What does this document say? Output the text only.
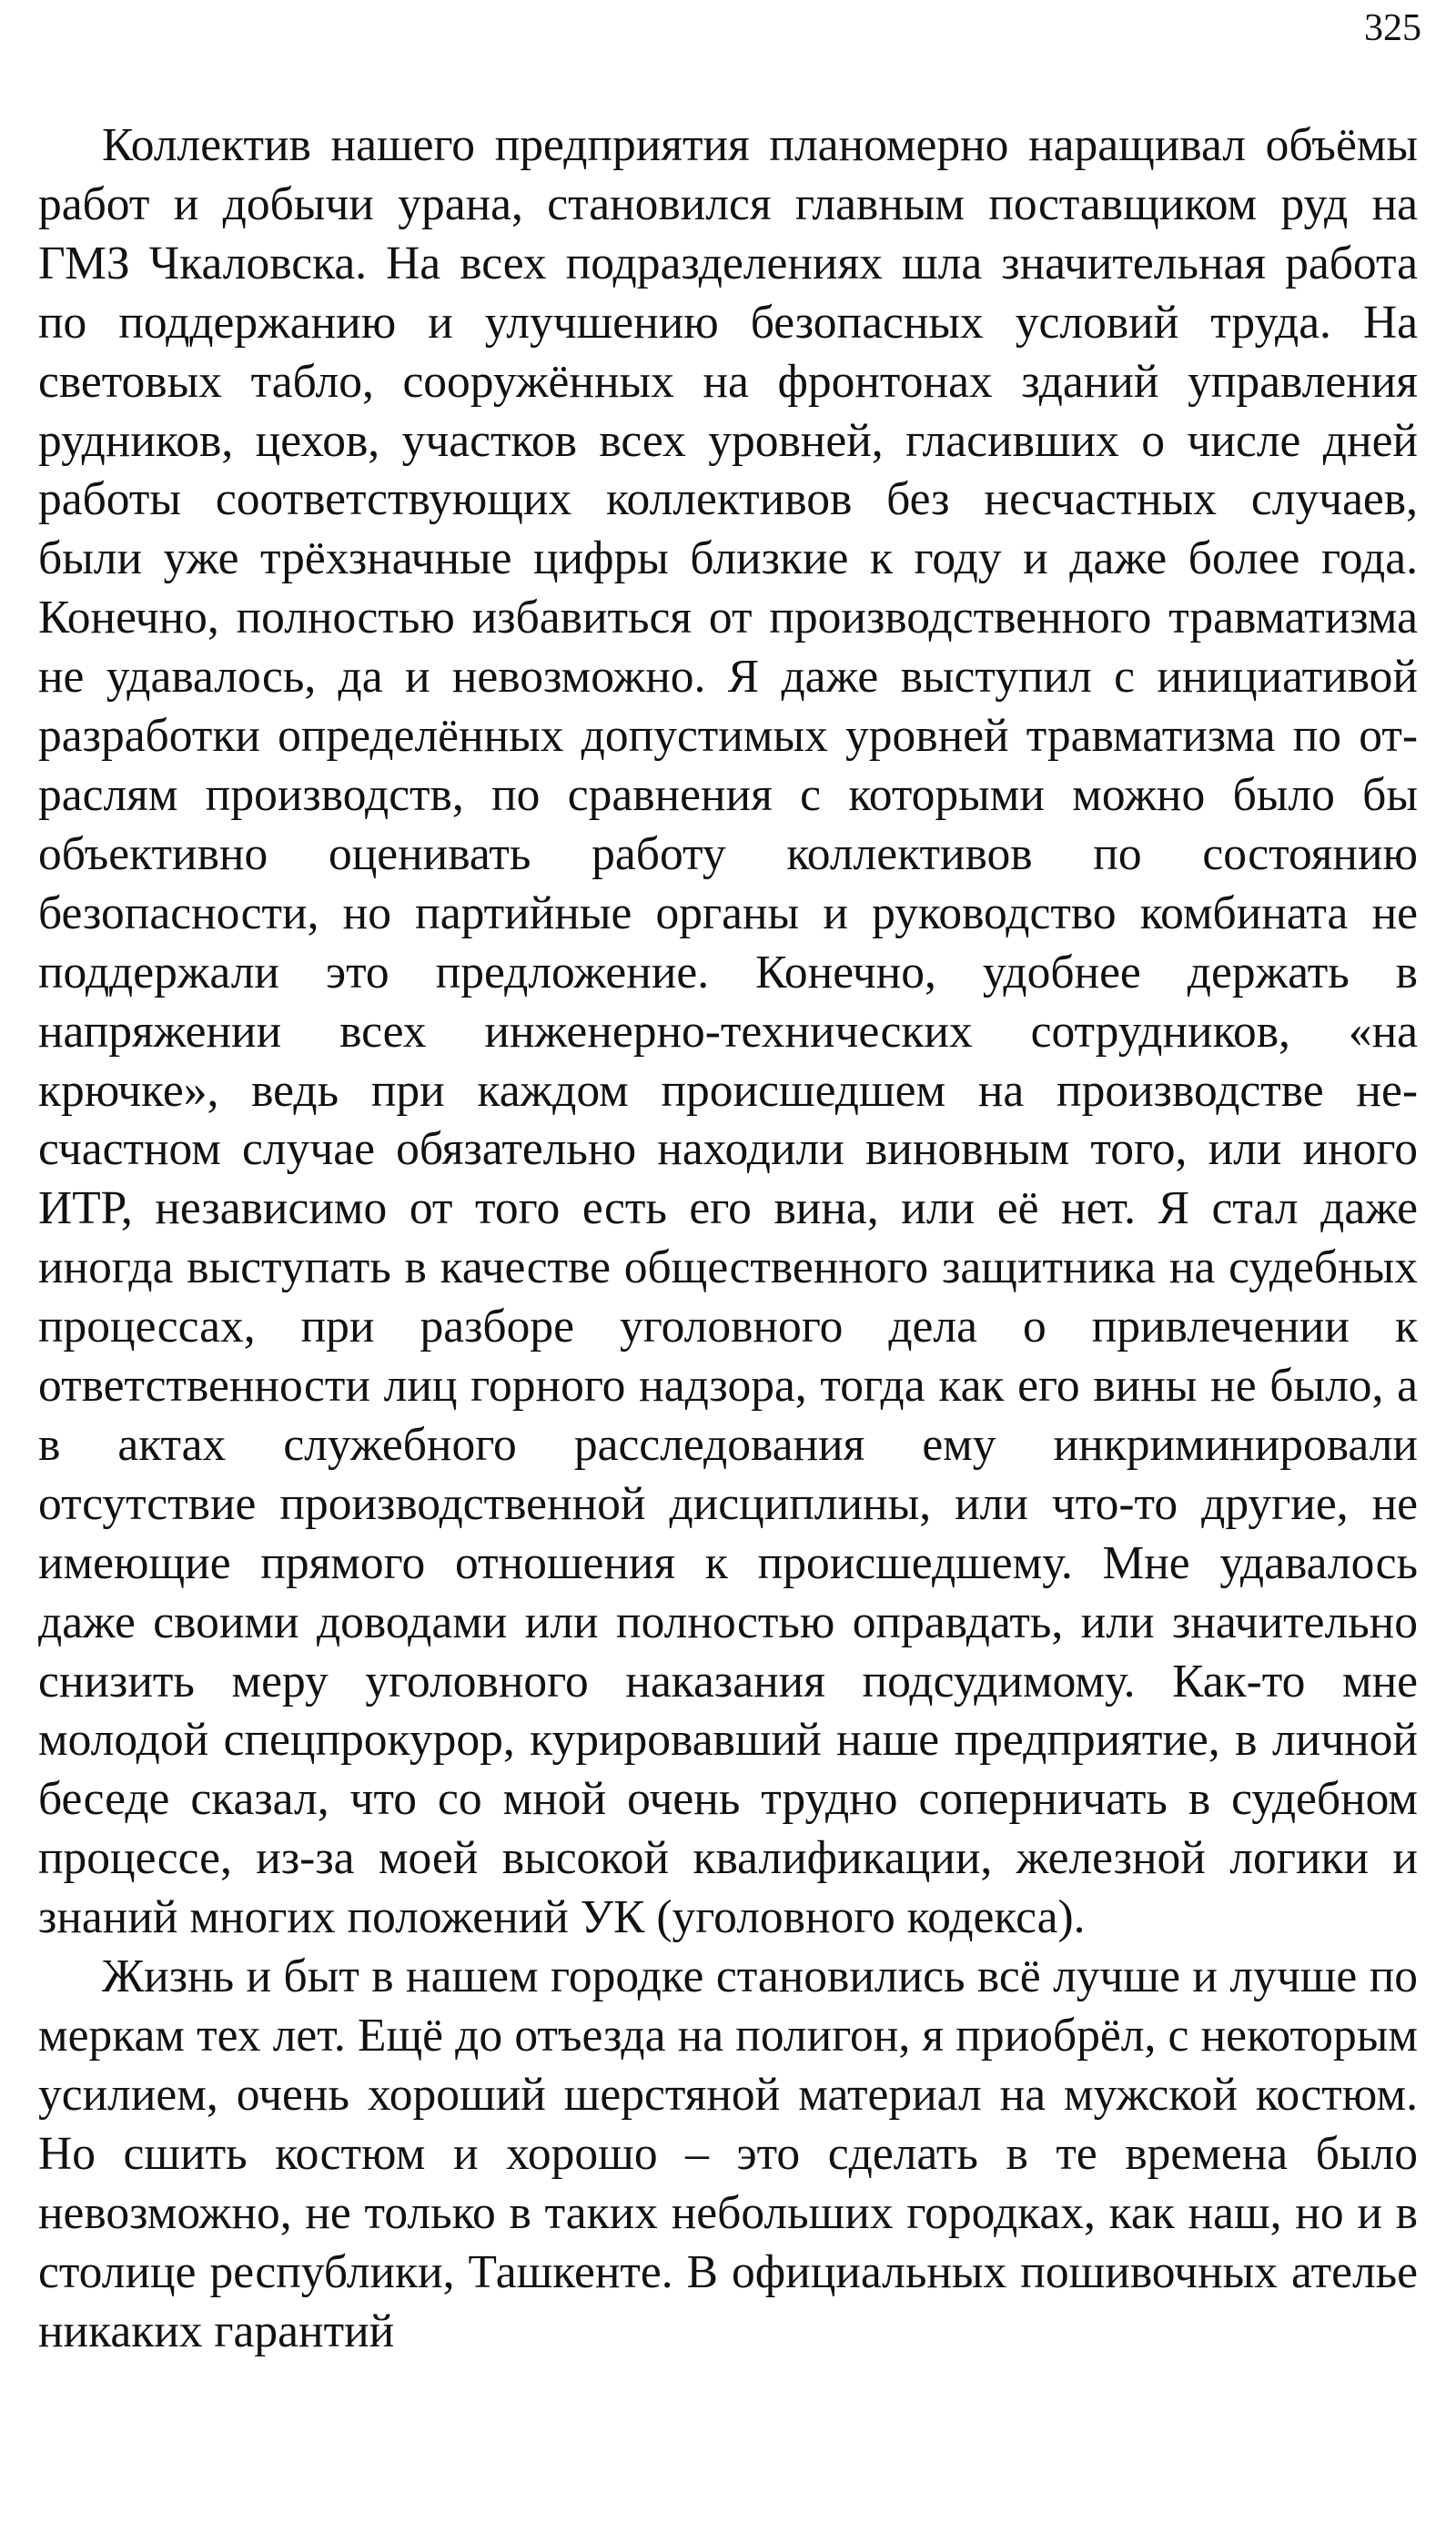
325

Коллектив нашего предприятия планомерно наращивал объёмы работ и добычи урана, становился главным поставщиком руд на ГМЗ Чкаловска. На всех подразделениях шла значительная работа по поддержанию и улучшению безопасных условий труда. На световых табло, сооружённых на фронтонах зданий управления рудников, цехов, участков всех уровней, гласивших о числе дней работы соответствующих коллективов без несчастных случаев, были уже трёхзначные цифры близкие к году и даже более года. Конечно, полностью избавиться от производственного травматизма не удавалось, да и невозможно. Я даже выступил с инициативой разработки определённых допустимых уровней травматизма по отраслям производств, по сравнения с которыми можно было бы объективно оценивать работу коллективов по состоянию безопасности, но партийные органы и руководство комбината не поддержали это предложение. Конечно, удобнее держать в напряжении всех инженерно-технических сотрудников, «на крючке», ведь при каждом происшедшем на производстве несчастном случае обязательно находили виновным того, или иного ИТР, независимо от того есть его вина, или её нет. Я стал даже иногда выступать в качестве общественного защитника на судебных процессах, при разборе уголовного дела о привлечении к ответственности лиц горного надзора, тогда как его вины не было, а в актах служебного расследования ему инкриминировали отсутствие производственной дисциплины, или что-то другие, не имеющие прямого отношения к происшедшему. Мне удавалось даже своими доводами или полностью оправдать, или значительно снизить меру уголовного наказания подсудимому. Как-то мне молодой спецпрокурор, курировавший наше предприятие, в личной беседе сказал, что со мной очень трудно соперничать в судебном процессе, из-за моей высокой квалификации, железной логики и знаний многих положений УК (уголовного кодекса).

Жизнь и быт в нашем городке становились всё лучше и лучше по меркам тех лет. Ещё до отъезда на полигон, я приобрёл, с некоторым усилием, очень хороший шерстяной материал на мужской костюм. Но сшить костюм и хорошо – это сделать в те времена было невозможно, не только в таких небольших городках, как наш, но и в столице республики, Ташкенте. В официальных пошивочных ателье никаких гарантий
